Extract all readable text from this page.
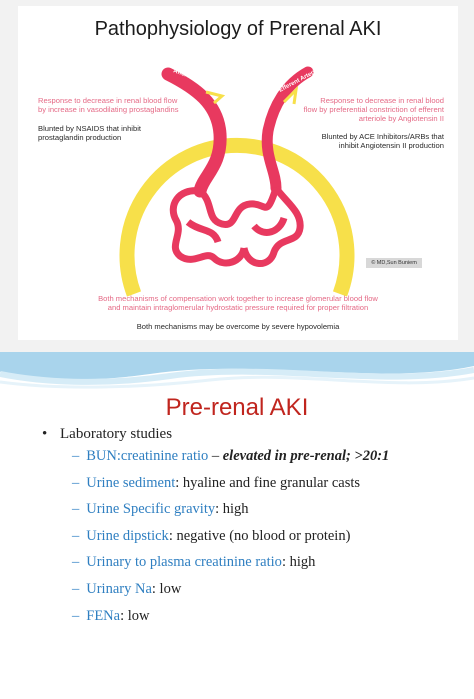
Afferent Arteriole	Efferent Arteriole
Pathophysiology of Prerenal AKI
Response to decrease in renal blood flow
by increase in vasodilating prostaglandins
Blunted by NSAIDS that inhibit
prostaglandin production
Response to decrease in renal blood
flow by preferential constriction of efferent
arteriole by Angiotensin II
Blunted by ACE Inhibitors/ARBs that
inhibit Angiotensin II production
© MD,Sun Buniem
Both mechanisms of compensation work together to increase glomerular blood flow
and maintain intraglomerular hydrostatic pressure required for proper filtration
Both mechanisms may be overcome by severe hypovolemia
Pre-renal AKI
• Laboratory studies
– BUN:creatinine ratio – elevated in pre-renal; >20:1
– Urine sediment: hyaline and fine granular casts
– Urine Specific gravity: high
– Urine dipstick: negative (no blood or protein)
– Urinary to plasma creatinine ratio: high
– Urinary Na: low
– FENa: low
